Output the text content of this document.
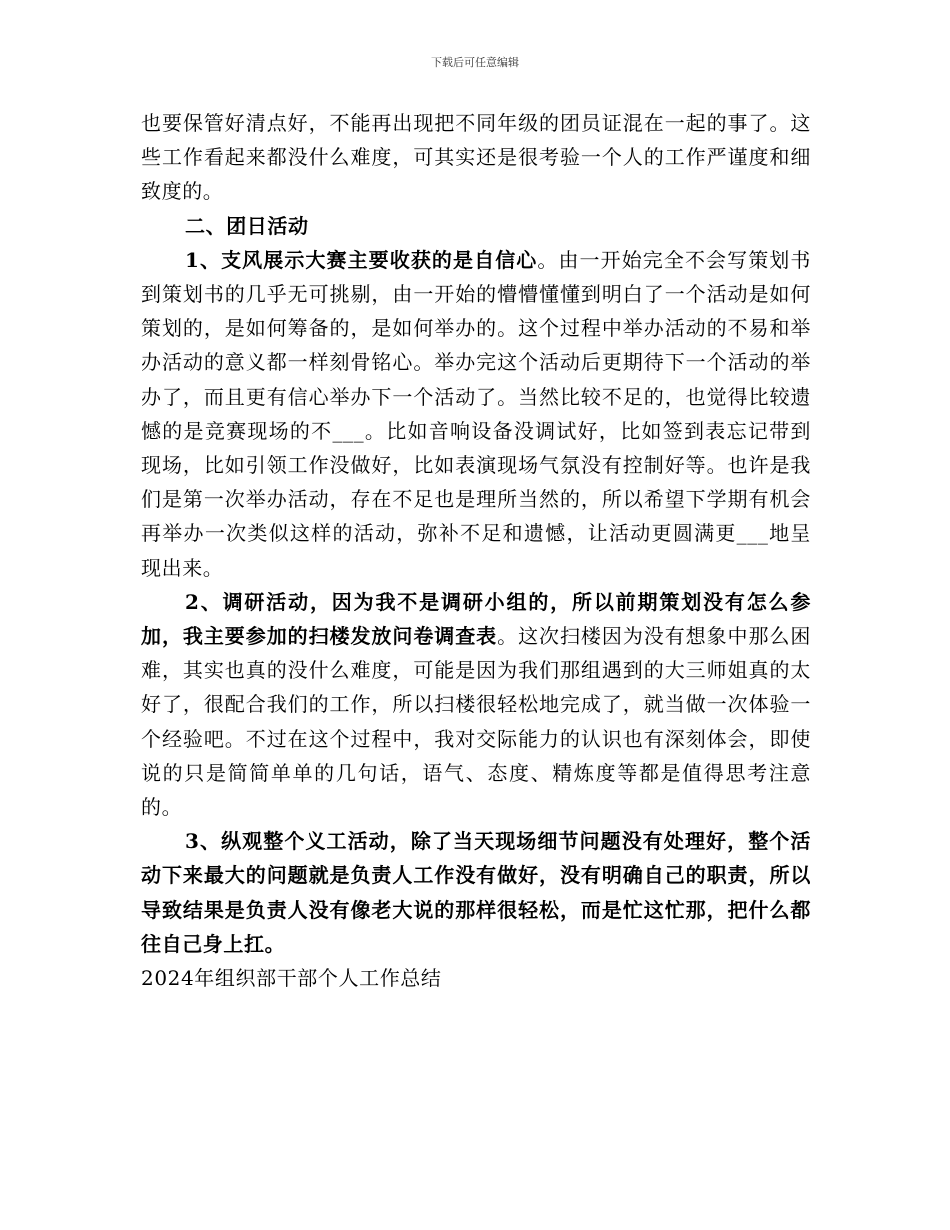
下载后可任意编辑

也要保管好清点好，不能再出现把不同年级的团员证混在一起的事了。这些工作看起来都没什么难度，可其实还是很考验一个人的工作严谨度和细致度的。

二、团日活动

1、支风展示大赛主要收获的是自信心。由一开始完全不会写策划书到策划书的几乎无可挑剔，由一开始的懵懵懂懂到明白了一个活动是如何策划的，是如何筹备的，是如何举办的。这个过程中举办活动的不易和举办活动的意义都一样刻骨铭心。举办完这个活动后更期待下一个活动的举办了，而且更有信心举办下一个活动了。当然比较不足的，也觉得比较遗憾的是竞赛现场的不___。比如音响设备没调试好，比如签到表忘记带到现场，比如引领工作没做好，比如表演现场气氛没有控制好等。也许是我们是第一次举办活动，存在不足也是理所当然的，所以希望下学期有机会再举办一次类似这样的活动，弥补不足和遗憾，让活动更圆满更___地呈现出来。

2、调研活动，因为我不是调研小组的，所以前期策划没有怎么参加，我主要参加的扫楼发放问卷调查表。这次扫楼因为没有想象中那么困难，其实也真的没什么难度，可能是因为我们那组遇到的大三师姐真的太好了，很配合我们的工作，所以扫楼很轻松地完成了，就当做一次体验一个经验吧。不过在这个过程中，我对交际能力的认识也有深刻体会，即使说的只是简简单单的几句话，语气、态度、精炼度等都是值得思考注意的。

3、纵观整个义工活动，除了当天现场细节问题没有处理好，整个活动下来最大的问题就是负责人工作没有做好，没有明确自己的职责，所以导致结果是负责人没有像老大说的那样很轻松，而是忙这忙那，把什么都往自己身上扛。

2024年组织部干部个人工作总结
